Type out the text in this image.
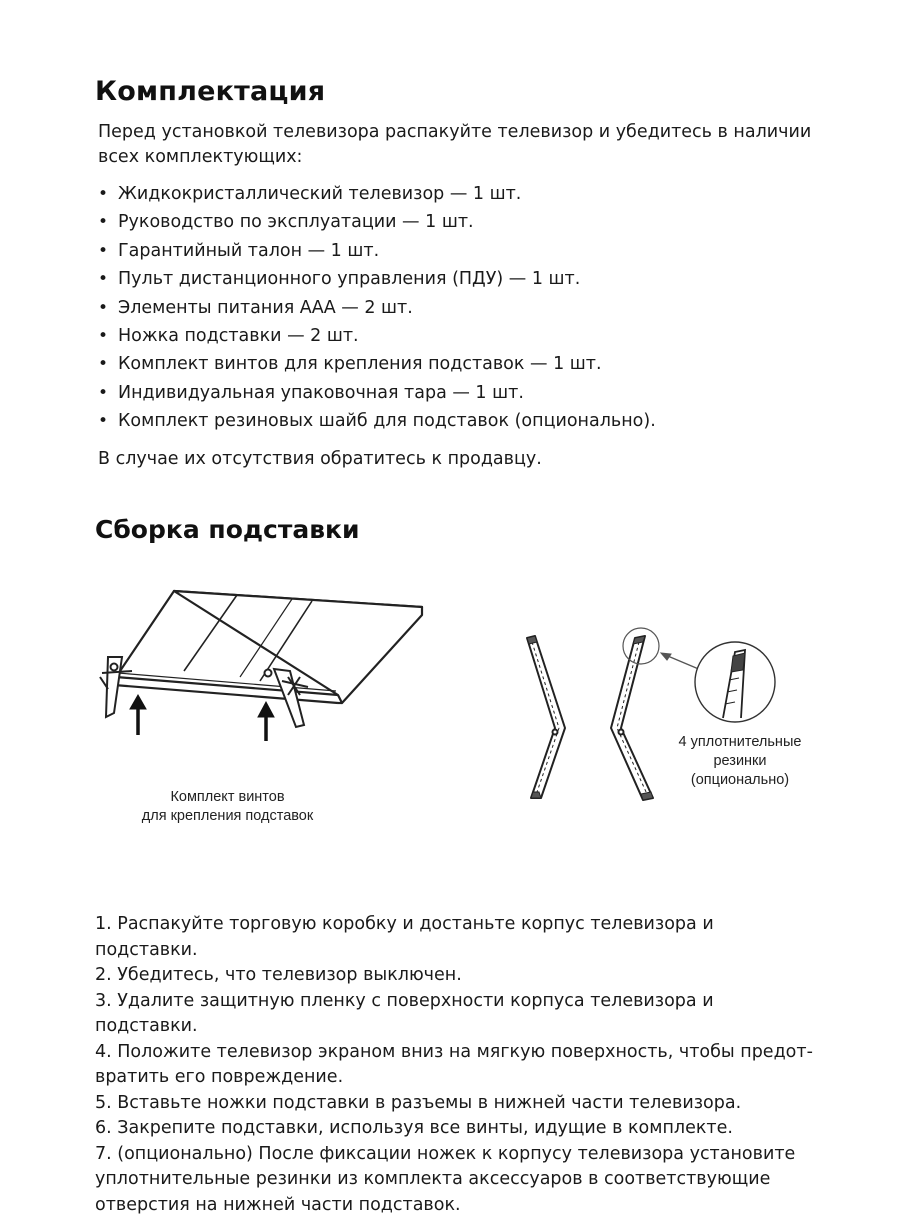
Комплектация

Перед установкой телевизора распакуйте телевизор и убедитесь в наличии всех комплектующих:

• Жидкокристаллический телевизор — 1 шт.
• Руководство по эксплуатации — 1 шт.
• Гарантийный талон — 1 шт.
• Пульт дистанционного управления (ПДУ) — 1 шт.
• Элементы питания ААА — 2 шт.
• Ножка подставки — 2 шт.
• Комплект винтов для крепления подставок — 1 шт.
• Индивидуальная упаковочная тара — 1 шт.
• Комплект резиновых шайб для подставок (опционально).

В случае их отсутствия обратитесь к продавцу.

Сборка подставки
Комплект винтов
для крепления подставок
4 уплотнительные
резинки
(опционально)
1. Распакуйте торговую коробку и достаньте корпус телевизора и подставки.
2. Убедитесь, что телевизор выключен.
3. Удалите защитную пленку с поверхности корпуса телевизора и подставки.
4. Положите телевизор экраном вниз на мягкую поверхность, чтобы предот-вратить его повреждение.
5. Вставьте ножки подставки в разъемы в нижней части телевизора.
6. Закрепите подставки, используя все винты, идущие в комплекте.
7. (опционально) После фиксации ножек к корпусу телевизора установите уплотнительные резинки из комплекта аксессуаров в соответствующие отверстия на нижней части подставок.
